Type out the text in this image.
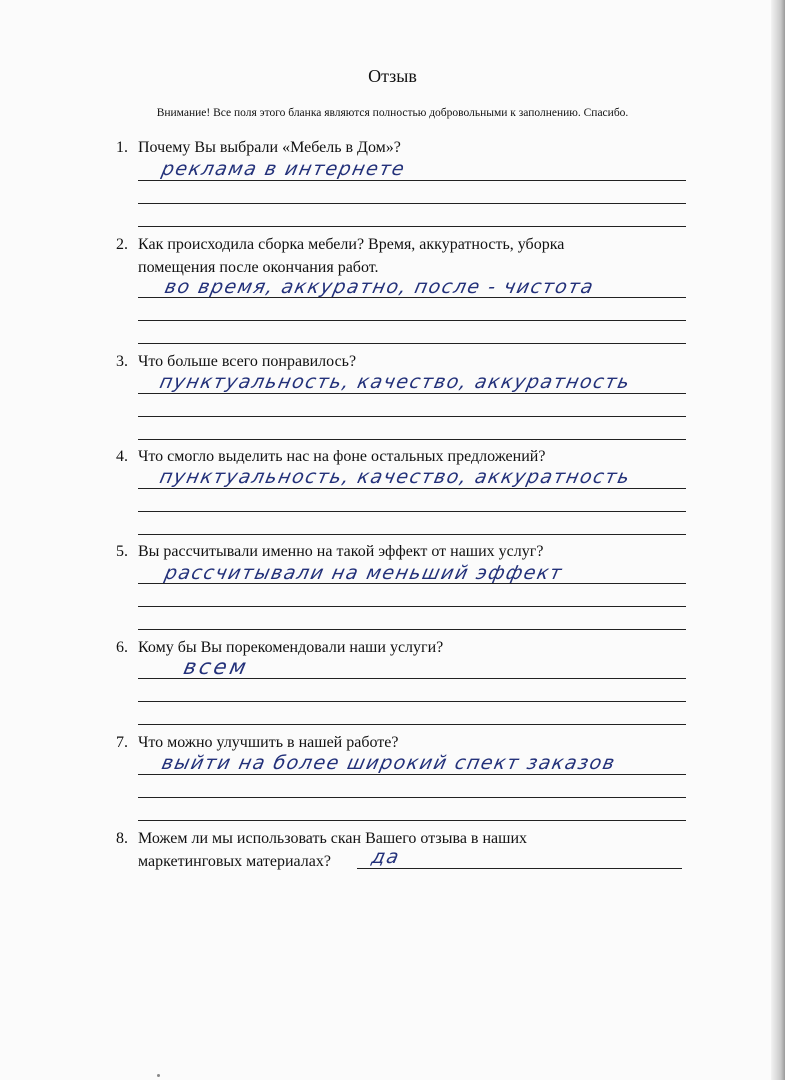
Отзыв
Внимание! Все поля этого бланка являются полностью добровольными к заполнению. Спасибо.
1. Почему Вы выбрали «Мебель в Дом»?
реклама в интернете
2. Как происходила сборка мебели? Время, аккуратность, уборка
помещения после окончания работ.
во время, аккуратно, после - чистота
3. Что больше всего понравилось?
пунктуальность, качество, аккуратность
4. Что смогло выделить нас на фоне остальных предложений?
пунктуальность, качество, аккуратность
5. Вы рассчитывали именно на такой эффект от наших услуг?
рассчитывали на меньший эффект
6. Кому бы Вы порекомендовали наши услуги?
всем
7. Что можно улучшить в нашей работе?
выйти на более широкий спект заказов
8. Можем ли мы использовать скан Вашего отзыва в наших
маркетинговых материалах? да
